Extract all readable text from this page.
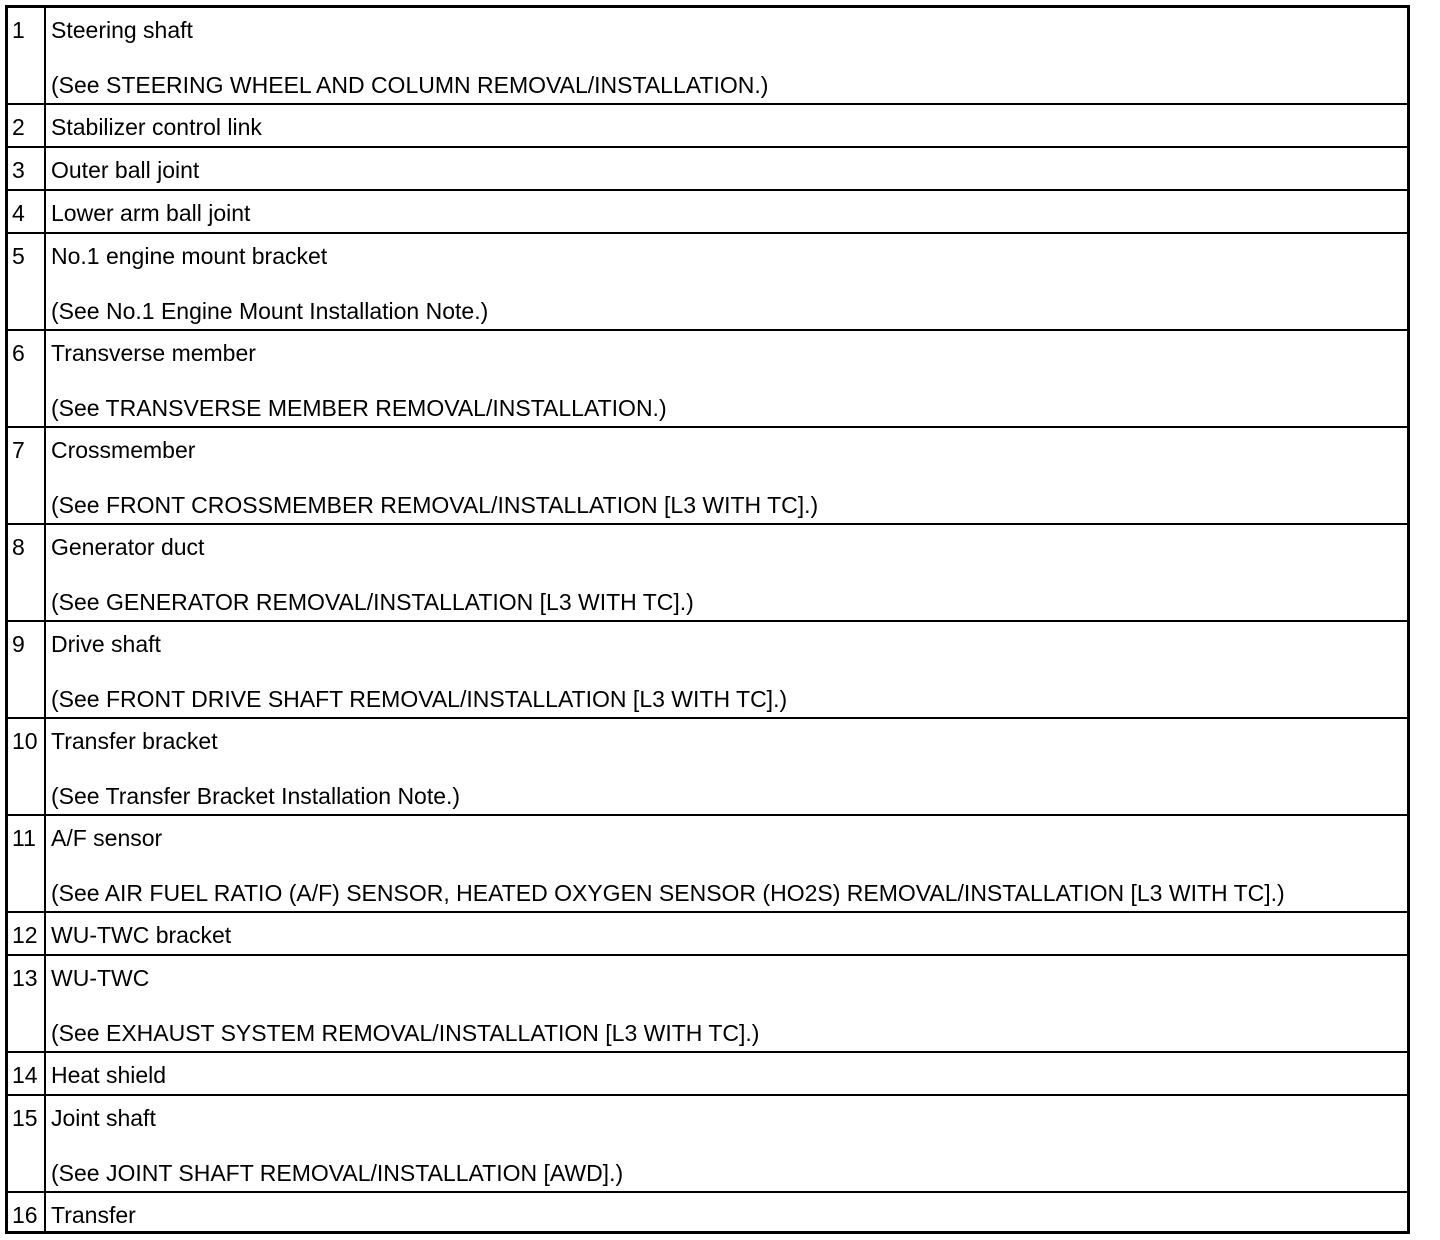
1	Steering shaft
(See STEERING WHEEL AND COLUMN REMOVAL/INSTALLATION.)
2	Stabilizer control link
3	Outer ball joint
4	Lower arm ball joint
5	No.1 engine mount bracket
(See No.1 Engine Mount Installation Note.)
6	Transverse member
(See TRANSVERSE MEMBER REMOVAL/INSTALLATION.)
7	Crossmember
(See FRONT CROSSMEMBER REMOVAL/INSTALLATION [L3 WITH TC].)
8	Generator duct
(See GENERATOR REMOVAL/INSTALLATION [L3 WITH TC].)
9	Drive shaft
(See FRONT DRIVE SHAFT REMOVAL/INSTALLATION [L3 WITH TC].)
10 Transfer bracket
(See Transfer Bracket Installation Note.)
11 A/F sensor
(See AIR FUEL RATIO (A/F) SENSOR, HEATED OXYGEN SENSOR (HO2S) REMOVAL/INSTALLATION [L3 WITH TC].)
12 WU-TWC bracket
13 WU-TWC
(See EXHAUST SYSTEM REMOVAL/INSTALLATION [L3 WITH TC].)
14 Heat shield
15 Joint shaft
(See JOINT SHAFT REMOVAL/INSTALLATION [AWD].)
16 Transfer
